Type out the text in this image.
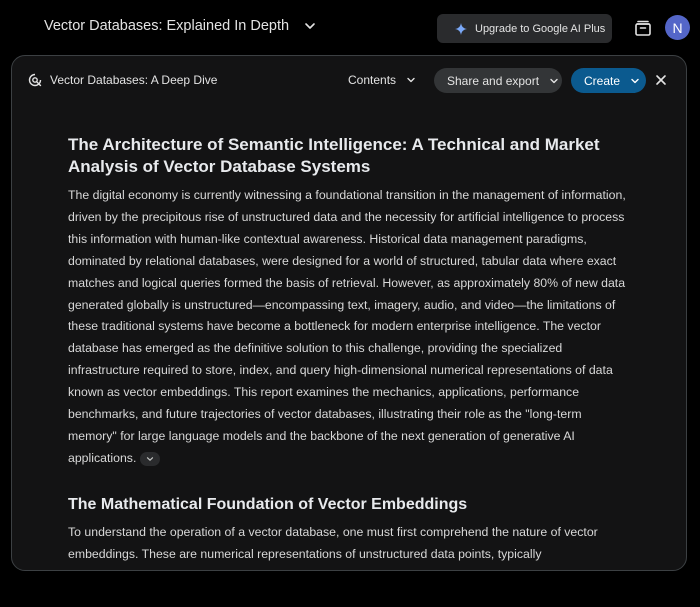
Vector Databases: Explained In Depth	Upgrade to Google AI Plus	N
Vector Databases: A Deep Dive	Contents	Share and export	Create
The Architecture of Semantic Intelligence: A Technical and Market Analysis of Vector Database Systems

The digital economy is currently witnessing a foundational transition in the management of information, driven by the precipitous rise of unstructured data and the necessity for artificial intelligence to process this information with human-like contextual awareness. Historical data management paradigms, dominated by relational databases, were designed for a world of structured, tabular data where exact matches and logical queries formed the basis of retrieval. However, as approximately 80% of new data generated globally is unstructured—encompassing text, imagery, audio, and video—the limitations of these traditional systems have become a bottleneck for modern enterprise intelligence. The vector database has emerged as the definitive solution to this challenge, providing the specialized infrastructure required to store, index, and query high-dimensional numerical representations of data known as vector embeddings. This report examines the mechanics, applications, performance benchmarks, and future trajectories of vector databases, illustrating their role as the "long-term memory" for large language models and the backbone of the next generation of generative AI applications.

The Mathematical Foundation of Vector Embeddings

To understand the operation of a vector database, one must first comprehend the nature of vector embeddings. These are numerical representations of unstructured data points, typically
